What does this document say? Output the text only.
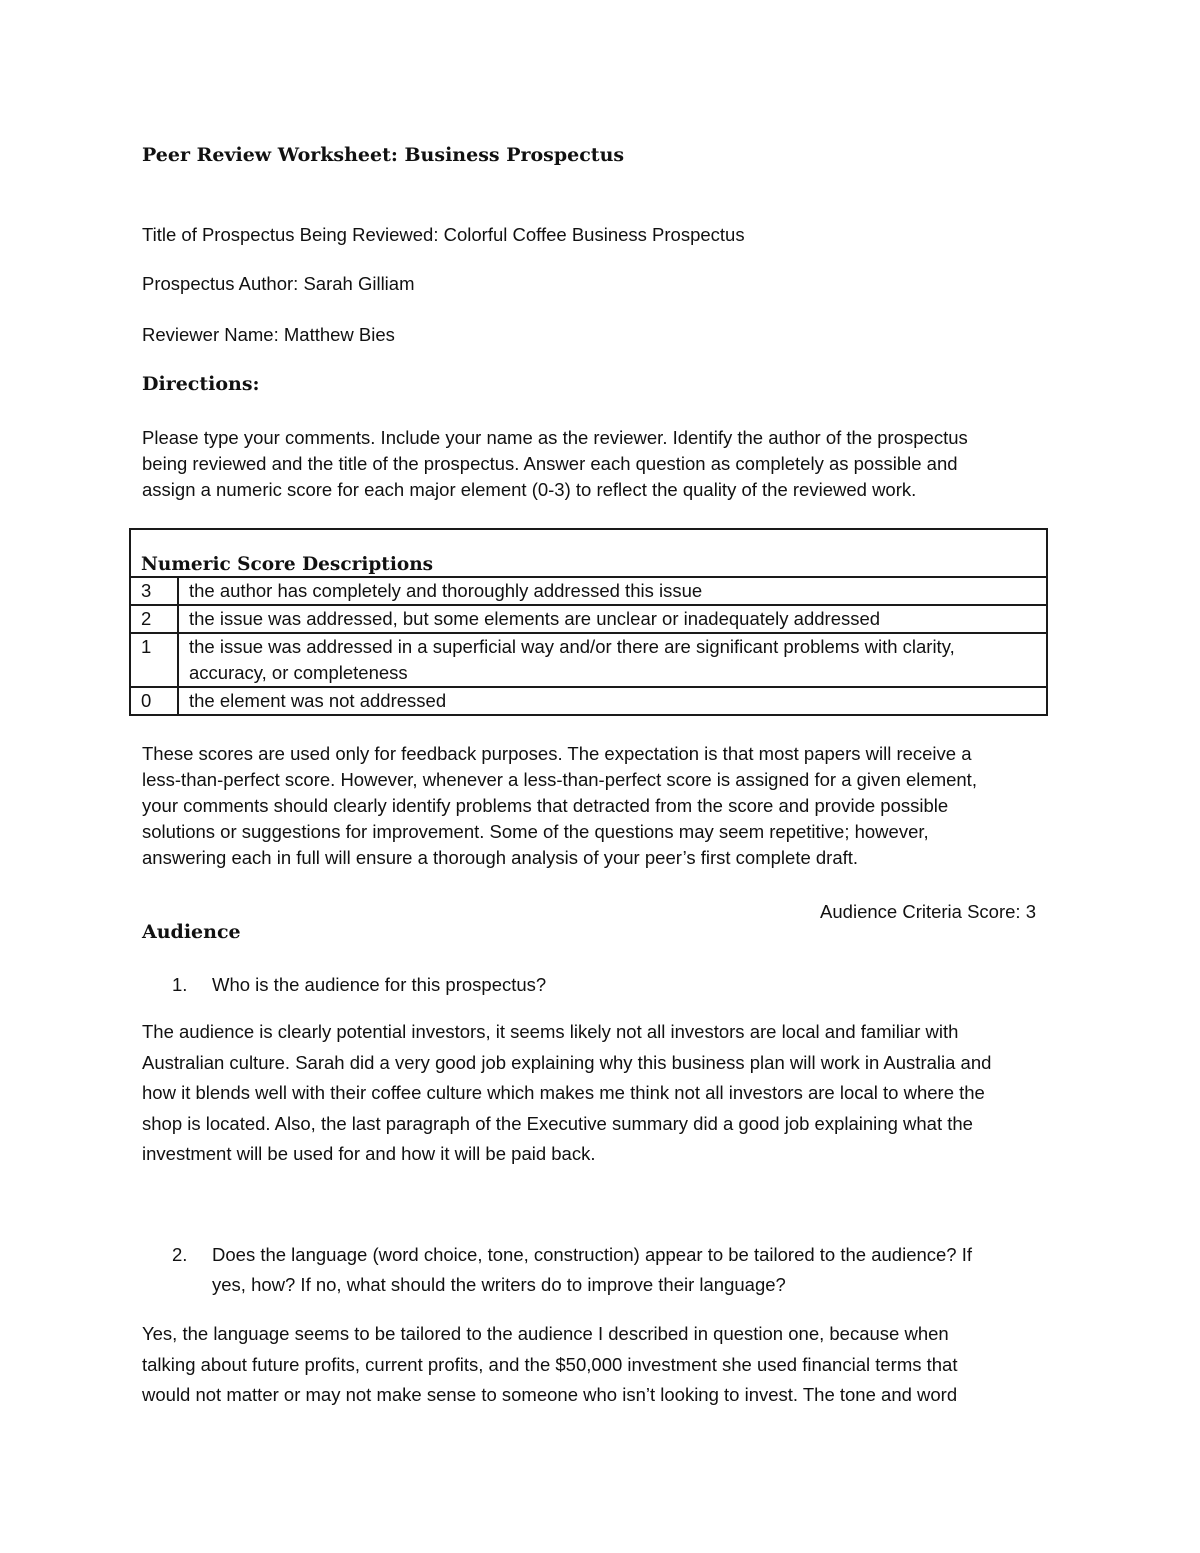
Peer Review Worksheet: Business Prospectus
Title of Prospectus Being Reviewed: Colorful Coffee Business Prospectus
Prospectus Author: Sarah Gilliam
Reviewer Name: Matthew Bies
Directions:
Please type your comments. Include your name as the reviewer. Identify the author of the prospectus
being reviewed and the title of the prospectus. Answer each question as completely as possible and
assign a numeric score for each major element (0-3) to reflect the quality of the reviewed work.
Numeric Score Descriptions	
3	the author has completely and thoroughly addressed this issue
2	the issue was addressed, but some elements are unclear or inadequately addressed
1	the issue was addressed in a superficial way and/or there are significant problems with clarity,
accuracy, or completeness

0	the element was not addressed
These scores are used only for feedback purposes. The expectation is that most papers will receive a
less-than-perfect score. However, whenever a less-than-perfect score is assigned for a given element,
your comments should clearly identify problems that detracted from the score and provide possible
solutions or suggestions for improvement. Some of the questions may seem repetitive; however,
answering each in full will ensure a thorough analysis of your peer’s first complete draft.
Audience Criteria Score: 3
Audience
1. Who is the audience for this prospectus?
The audience is clearly potential investors, it seems likely not all investors are local and familiar with
Australian culture. Sarah did a very good job explaining why this business plan will work in Australia and
how it blends well with their coffee culture which makes me think not all investors are local to where the
shop is located. Also, the last paragraph of the Executive summary did a good job explaining what the
investment will be used for and how it will be paid back.
2. Does the language (word choice, tone, construction) appear to be tailored to the audience? If
yes, how? If no, what should the writers do to improve their language?
Yes, the language seems to be tailored to the audience I described in question one, because when
talking about future profits, current profits, and the $50,000 investment she used financial terms that
would not matter or may not make sense to someone who isn’t looking to invest. The tone and word
